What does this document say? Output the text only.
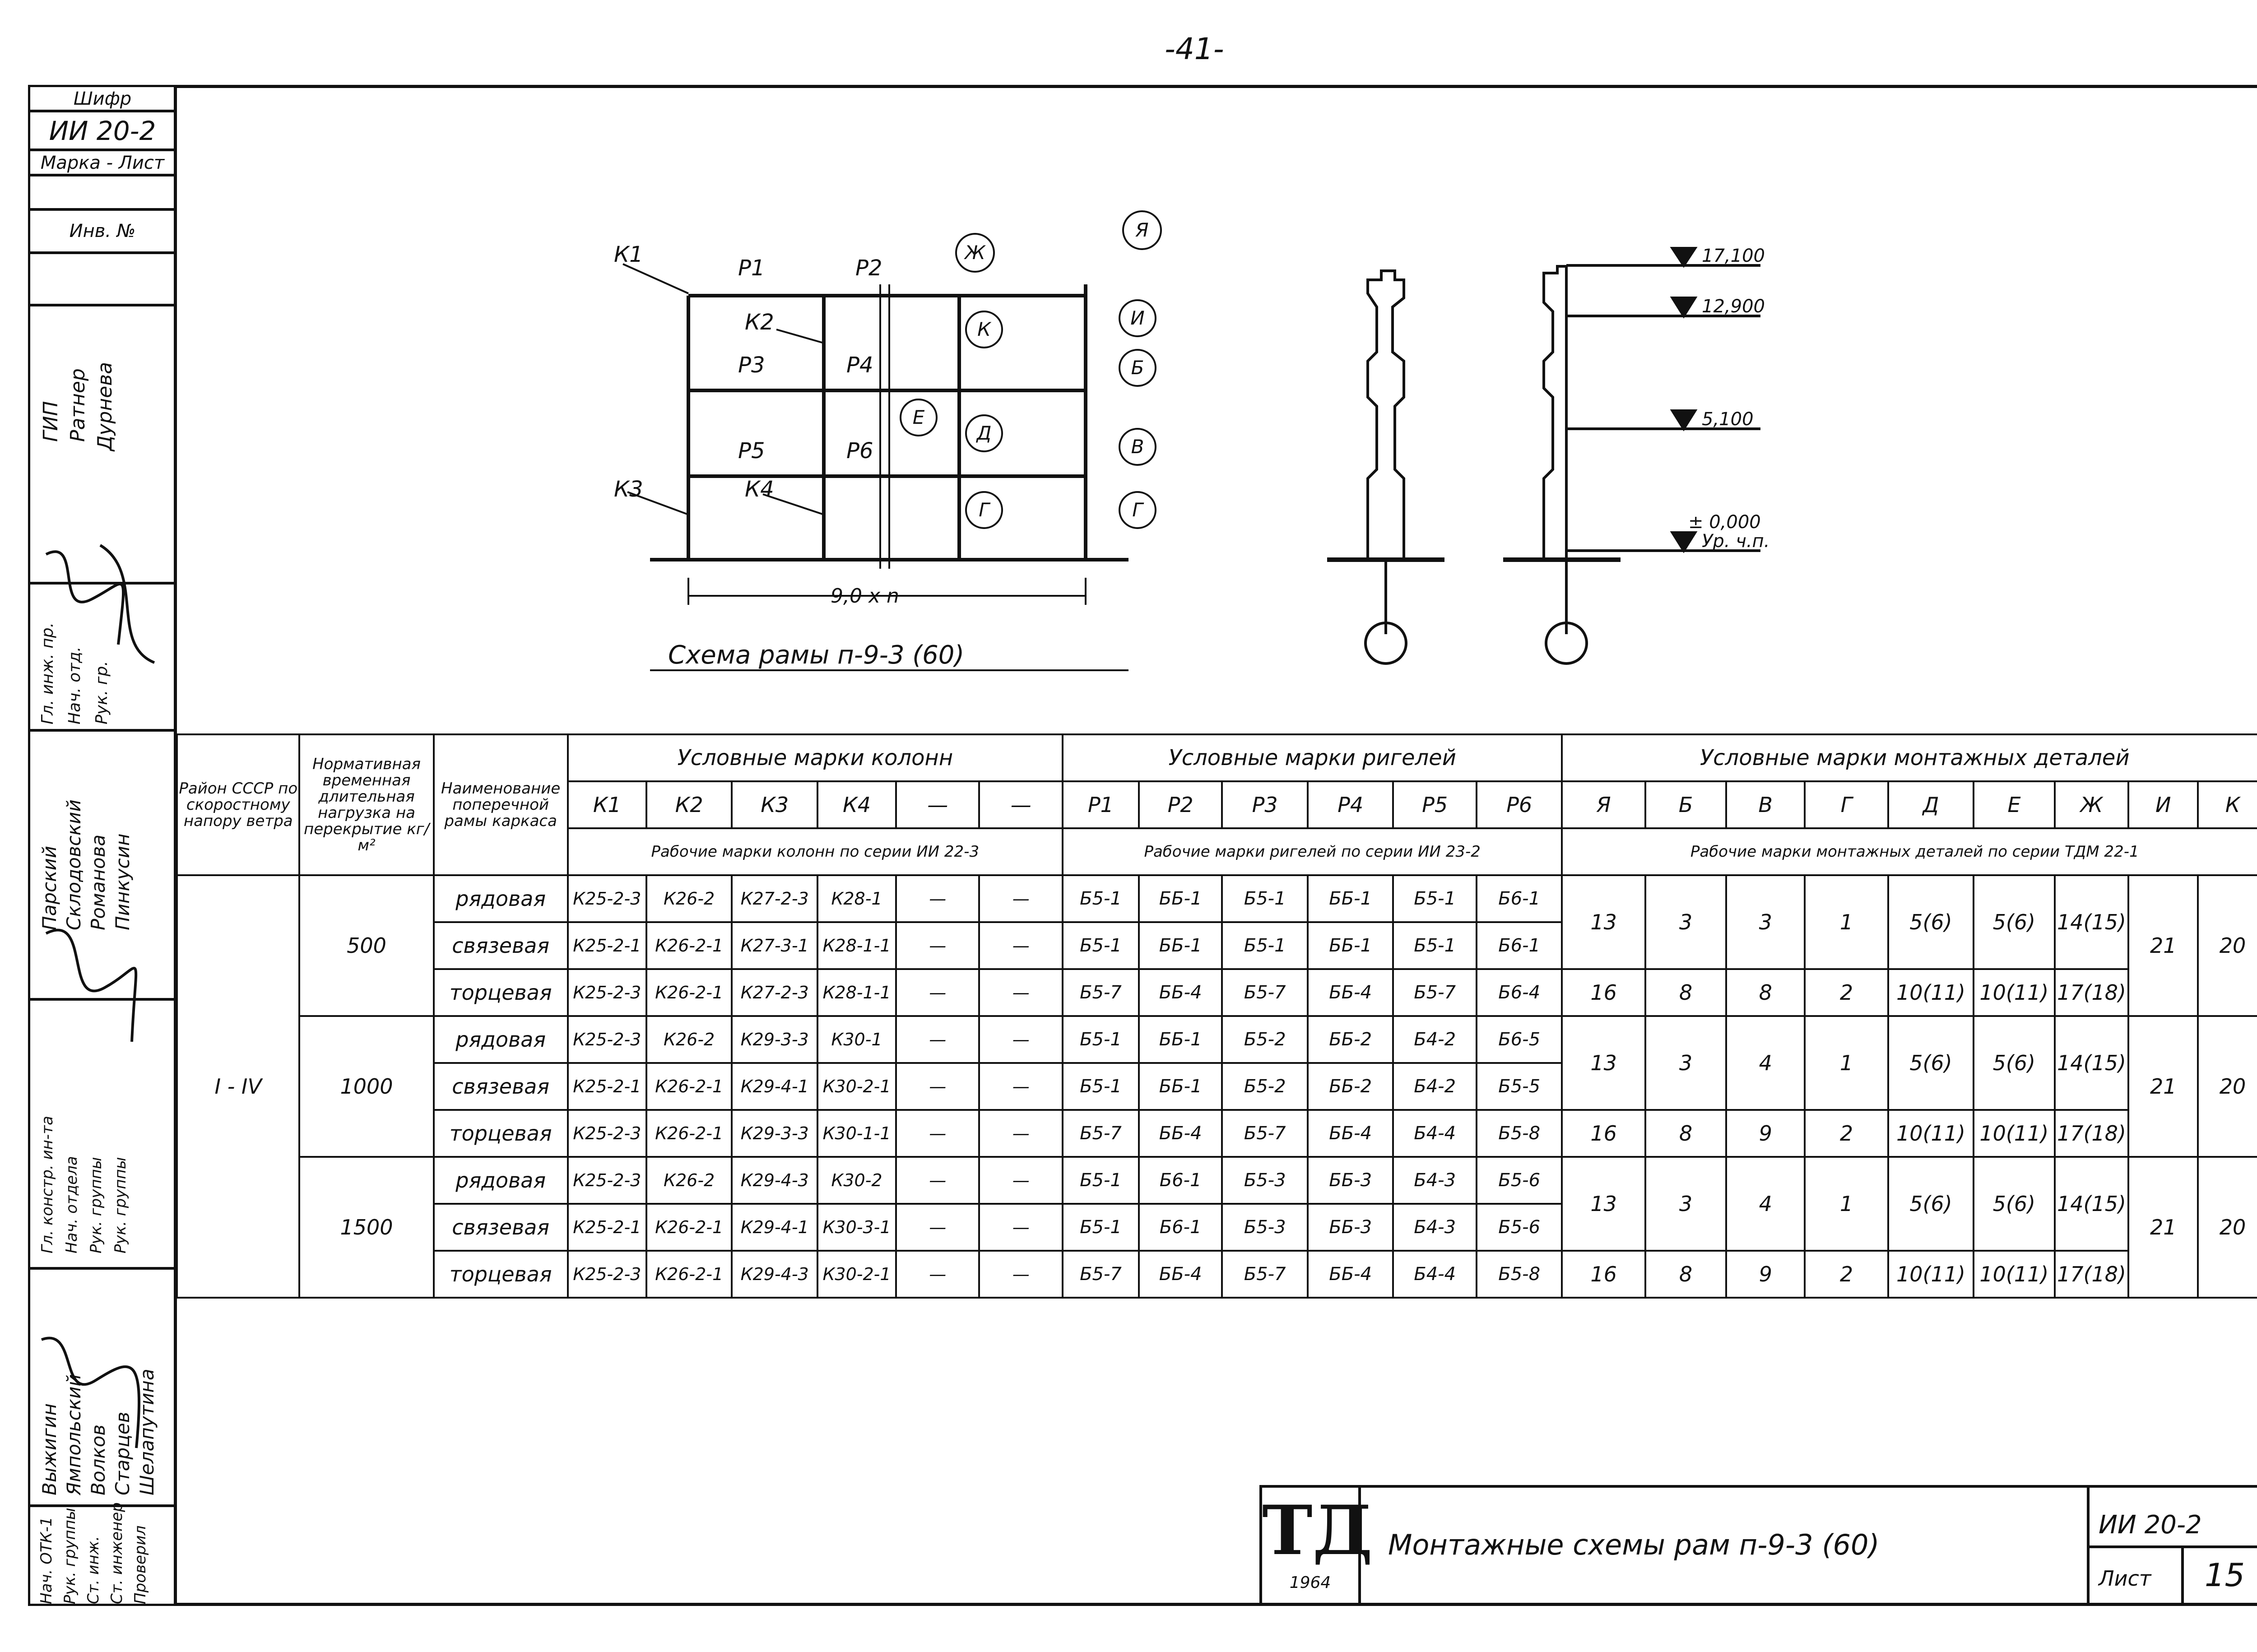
-41-
Шифр
ИИ 20-2
Марка - Лист
Инв. №
ГИП Ратнер Дурнева
Гл. инж. пр. Нач. отд. Рук. гр.
Парский Склодовский Романова Пинкусин
Гл. констр. ин-та Нач. отдела Рук. группы Рук. группы
Выжигин Ямпольский Волков Старцев Шелапутина
Нач. ОТК-1 Рук. группы Ст. инж. Ст. инженер Проверил
К1
К2
К3	К4
Р1	Р2
Р3	Р4
Р5	Р6
9,0 x n
Схема рамы п-9-3 (60)
Ж
Я
К
И
Е
Б
Д
В
Г	Г
17,100
12,900
5,100
± 0,000
Ур. ч.п.
Район СССР по скоростному напору ветра	Нормативная временная длительная нагрузка на перекрытие кг/м²	Наименование поперечной рамы каркаса	Условные марки колонн						Условные марки ригелей						Условные марки монтажных деталей								
			К1	К2	К3	К4	—	—	Р1	Р2	Р3	Р4	Р5	Р6	Я	Б	В	Г	Д	Е	Ж	И	К
			Рабочие марки колонн по серии ИИ 22-3						Рабочие марки ригелей по серии ИИ 23-2						Рабочие марки монтажных деталей по серии ТДМ 22-1								
I - IV	500	рядовая	К25-2-3	К26-2	К27-2-3	К28-1	—	—	Б5-1	ББ-1	Б5-1	ББ-1	Б5-1	Б6-1	13	3	3	1	5(6)	5(6)	14(15)	21	20
		связевая	К25-2-1	К26-2-1	К27-3-1	К28-1-1	—	—	Б5-1	ББ-1	Б5-1	ББ-1	Б5-1	Б6-1									
		торцевая	К25-2-3	К26-2-1	К27-2-3	К28-1-1	—	—	Б5-7	ББ-4	Б5-7	ББ-4	Б5-7	Б6-4	16	8	8	2	10(11)	10(11)	17(18)		
	1000	рядовая	К25-2-3	К26-2	К29-3-3	К30-1	—	—	Б5-1	ББ-1	Б5-2	ББ-2	Б4-2	Б6-5	13	3	4	1	5(6)	5(6)	14(15)	21	20
		связевая	К25-2-1	К26-2-1	К29-4-1	К30-2-1	—	—	Б5-1	ББ-1	Б5-2	ББ-2	Б4-2	Б5-5									
		торцевая	К25-2-3	К26-2-1	К29-3-3	К30-1-1	—	—	Б5-7	ББ-4	Б5-7	ББ-4	Б4-4	Б5-8	16	8	9	2	10(11)	10(11)	17(18)		
	1500	рядовая	К25-2-3	К26-2	К29-4-3	К30-2	—	—	Б5-1	Б6-1	Б5-3	ББ-3	Б4-3	Б5-6	13	3	4	1	5(6)	5(6)	14(15)	21	20
		связевая	К25-2-1	К26-2-1	К29-4-1	К30-3-1	—	—	Б5-1	Б6-1	Б5-3	ББ-3	Б4-3	Б5-6									
		торцевая	К25-2-3	К26-2-1	К29-4-3	К30-2-1	—	—	Б5-7	ББ-4	Б5-7	ББ-4	Б4-4	Б5-8	16	8	9	2	10(11)	10(11)	17(18)		
ТД
1964
Монтажные схемы рам п-9-3 (60)
ИИ 20-2
Лист	15
